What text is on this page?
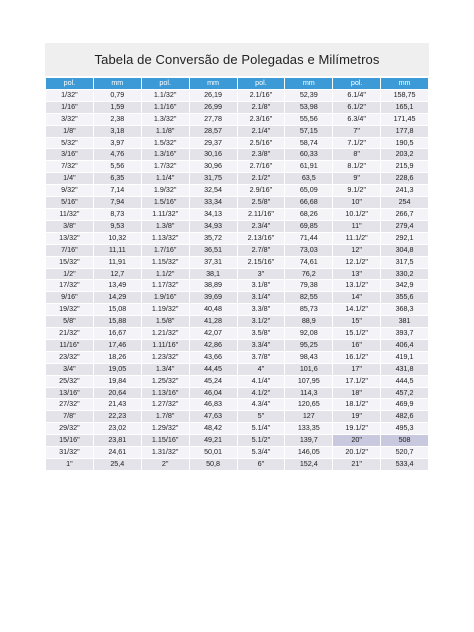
Tabela de Conversão de Polegadas e Milímetros
pol.	mm	pol.	mm	pol.	mm	pol.	mm
1/32"	0,79	1.1/32"	26,19	2.1/16"	52,39	6.1/4"	158,75
1/16"	1,59	1.1/16"	26,99	2.1/8"	53,98	6.1/2"	165,1
3/32"	2,38	1.3/32"	27,78	2.3/16"	55,56	6.3/4"	171,45
1/8"	3,18	1.1/8"	28,57	2.1/4"	57,15	7"	177,8
5/32"	3,97	1.5/32"	29,37	2.5/16"	58,74	7.1/2"	190,5
3/16"	4,76	1.3/16"	30,16	2.3/8"	60,33	8"	203,2
7/32"	5,56	1.7/32"	30,96	2.7/16"	61,91	8.1/2"	215,9
1/4"	6,35	1.1/4"	31,75	2.1/2"	63,5	9"	228,6
9/32"	7,14	1.9/32"	32,54	2.9/16"	65,09	9.1/2"	241,3
5/16"	7,94	1.5/16"	33,34	2.5/8"	66,68	10"	254
11/32"	8,73	1.11/32"	34,13	2.11/16"	68,26	10.1/2"	266,7
3/8"	9,53	1.3/8"	34,93	2.3/4"	69,85	11"	279,4
13/32"	10,32	1.13/32"	35,72	2.13/16"	71,44	11.1/2"	292,1
7/16"	11,11	1.7/16"	36,51	2.7/8"	73,03	12"	304,8
15/32"	11,91	1.15/32"	37,31	2.15/16"	74,61	12.1/2"	317,5
1/2"	12,7	1.1/2"	38,1	3"	76,2	13"	330,2
17/32"	13,49	1.17/32"	38,89	3.1/8"	79,38	13.1/2"	342,9
9/16"	14,29	1.9/16"	39,69	3.1/4"	82,55	14"	355,6
19/32"	15,08	1.19/32"	40,48	3.3/8"	85,73	14.1/2"	368,3
5/8"	15,88	1.5/8"	41,28	3.1/2"	88,9	15"	381
21/32"	16,67	1.21/32"	42,07	3.5/8"	92,08	15.1/2"	393,7
11/16"	17,46	1.11/16"	42,86	3.3/4"	95,25	16"	406,4
23/32"	18,26	1.23/32"	43,66	3.7/8"	98,43	16.1/2"	419,1
3/4"	19,05	1.3/4"	44,45	4"	101,6	17"	431,8
25/32"	19,84	1.25/32"	45,24	4.1/4"	107,95	17.1/2"	444,5
13/16"	20,64	1.13/16"	46,04	4.1/2"	114,3	18"	457,2
27/32"	21,43	1.27/32"	46,83	4.3/4"	120,65	18.1/2"	469,9
7/8"	22,23	1.7/8"	47,63	5"	127	19"	482,6
29/32"	23,02	1.29/32"	48,42	5.1/4"	133,35	19.1/2"	495,3
15/16"	23,81	1.15/16"	49,21	5.1/2"	139,7	20"	508
31/32"	24,61	1.31/32"	50,01	5.3/4"	146,05	20.1/2"	520,7
1"	25,4	2"	50,8	6"	152,4	21"	533,4
